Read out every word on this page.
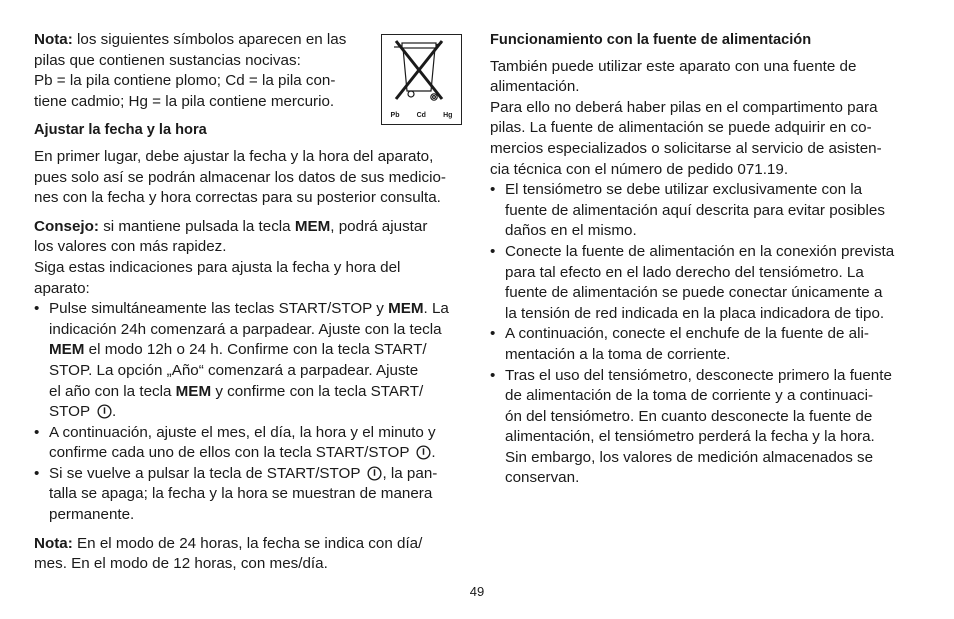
Nota: los siguientes símbolos aparecen en las

pilas que contienen sustancias nocivas:

Pb = la pila contiene plomo; Cd = la pila con-

tiene cadmio; Hg = la pila contiene mercurio.

Ajustar la fecha y la hora

En primer lugar, debe ajustar la fecha y la hora del aparato,

pues solo así se podrán almacenar los datos de sus medicio-

nes con la fecha y hora correctas para su posterior consulta.

Consejo: si mantiene pulsada la tecla MEM, podrá ajustar

los valores con más rapidez.

Siga estas indicaciones para ajusta la fecha y hora del

aparato:

• Pulse simultáneamente las teclas START/STOP y MEM. La
indicación 24h comenzará a parpadear. Ajuste con la tecla
MEM el modo 12h o 24 h. Confirme con la tecla START/
STOP. La opción „Año“ comenzará a parpadear. Ajuste
el año con la tecla MEM y confirme con la tecla START/
STOP .
• A continuación, ajuste el mes, el día, la hora y el minuto y
confirme cada uno de ellos con la tecla START/STOP .
• Si se vuelve a pulsar la tecla de START/STOP , la pan-
talla se apaga; la fecha y la hora se muestran de manera
permanente.

Nota: En el modo de 24 horas, la fecha se indica con día/

mes. En el modo de 12 horas, con mes/día.

Pb Cd Hg

Funcionamiento con la fuente de alimentación

También puede utilizar este aparato con una fuente de

alimentación.

Para ello no deberá haber pilas en el compartimento para

pilas. La fuente de alimentación se puede adquirir en co-

mercios especializados o solicitarse al servicio de asisten-

cia técnica con el número de pedido 071.19.

• El tensiómetro se debe utilizar exclusivamente con la
fuente de alimentación aquí descrita para evitar posibles
daños en el mismo.
• Conecte la fuente de alimentación en la conexión prevista
para tal efecto en el lado derecho del tensiómetro. La
fuente de alimentación se puede conectar únicamente a
la tensión de red indicada en la placa indicadora de tipo.
• A continuación, conecte el enchufe de la fuente de ali-
mentación a la toma de corriente.
• Tras el uso del tensiómetro, desconecte primero la fuente
de alimentación de la toma de corriente y a continuaci-
ón del tensiómetro. En cuanto desconecte la fuente de
alimentación, el tensiómetro perderá la fecha y la hora.
Sin embargo, los valores de medición almacenados se
conservan.
49
